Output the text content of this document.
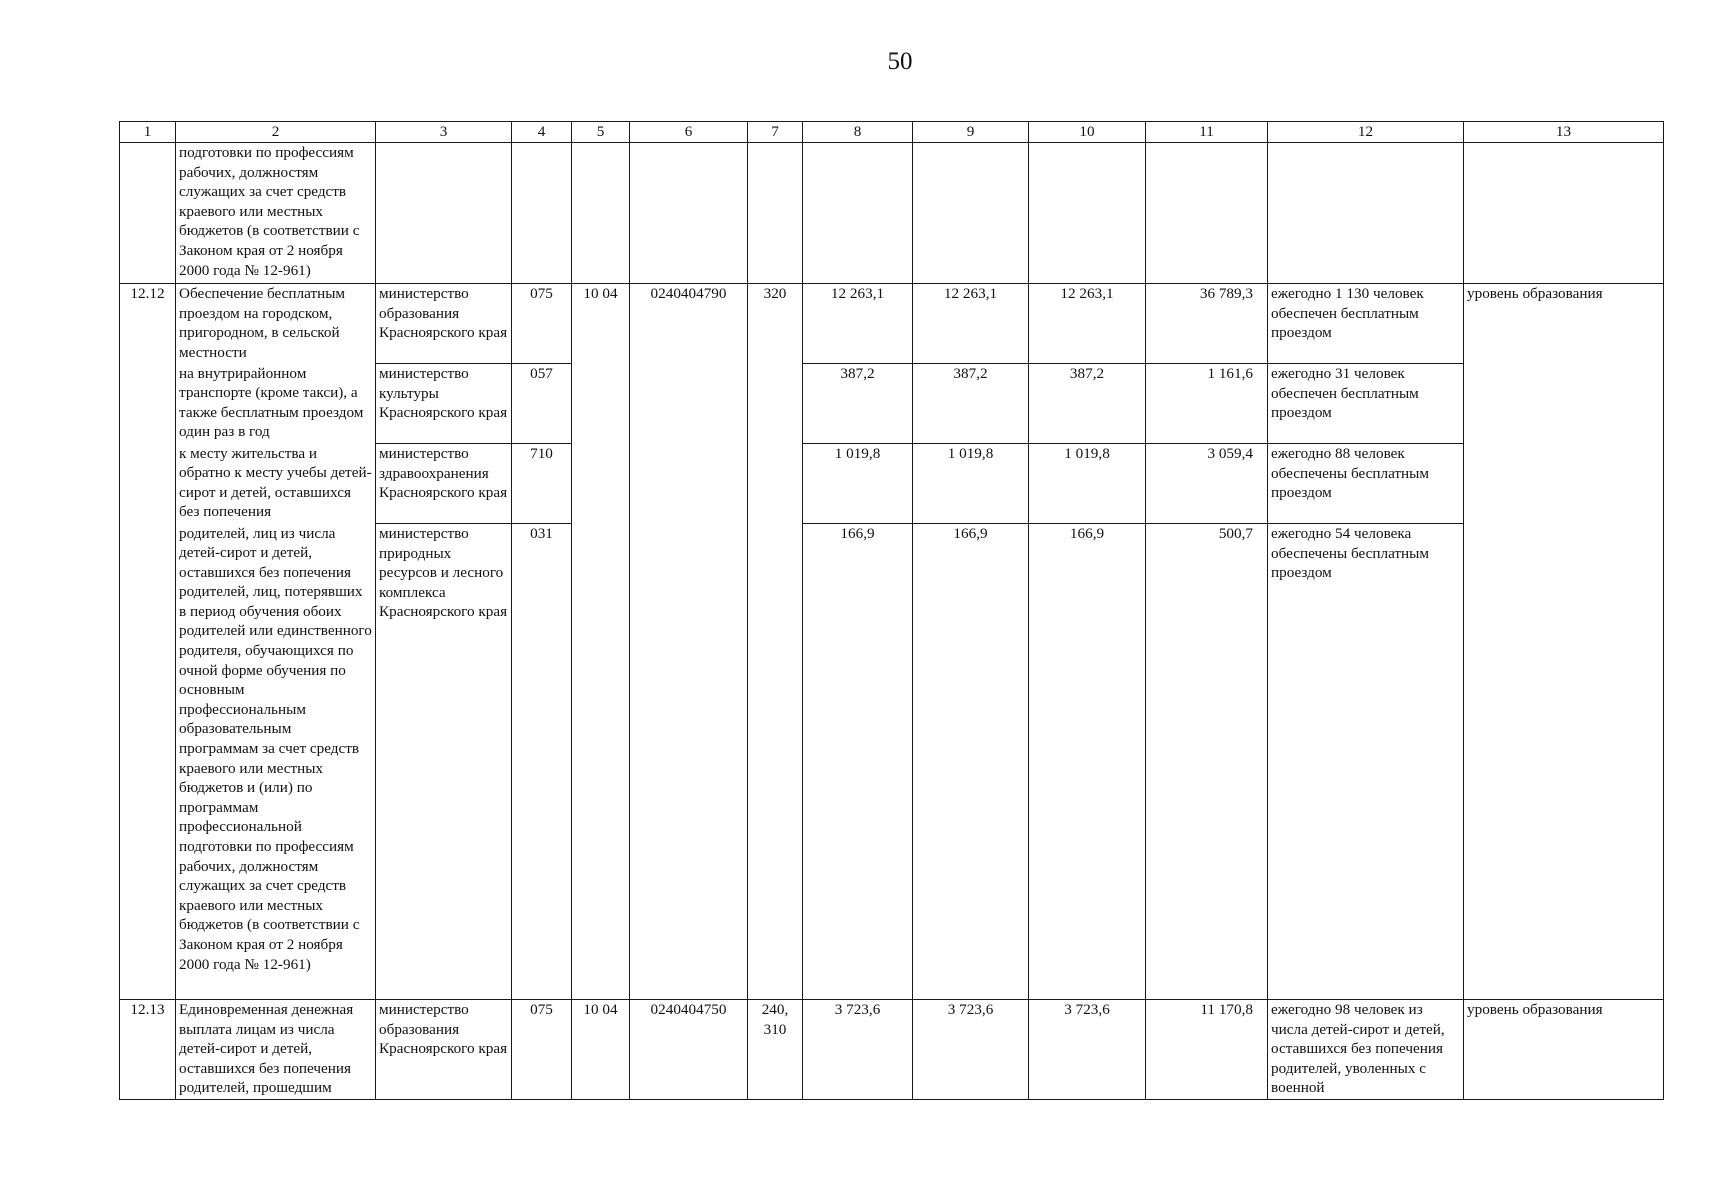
50
1	2	3	4	5	6	7	8	9	10	11	12	13
	подготовки по профессиям рабочих, должностям служащих за счет средств краевого или местных бюджетов (в соответствии с Законом края от 2 ноября 2000 года № 12-961)											
12.12	Обеспечение бесплатным проездом на городском, пригородном, в сельской местности	министерство образования Красноярского края	075	10 04	0240404790	320	12 263,1	12 263,1	12 263,1	36 789,3	ежегодно 1 130 человек обеспечен бесплатным проездом	уровень образования
	на внутрирайонном транспорте (кроме такси), а также бесплатным проездом один раз в год	министерство культуры Красноярского края	057				387,2	387,2	387,2	1 161,6	ежегодно 31 человек обеспечен бесплатным проездом	
	к месту жительства и обратно к месту учебы детей-сирот и детей, оставшихся без попечения	министерство здравоохранения Красноярского края	710				1 019,8	1 019,8	1 019,8	3 059,4	ежегодно 88 человек обеспечены бесплатным проездом	
	родителей, лиц из числа детей-сирот и детей, оставшихся без попечения родителей, лиц, потерявших в период обучения обоих родителей или единственного родителя, обучающихся по очной форме обучения по основным профессиональным образовательным программам за счет средств краевого или местных бюджетов и (или) по программам профессиональной подготовки по профессиям рабочих, должностям служащих за счет средств краевого или местных бюджетов (в соответствии с Законом края от 2 ноября 2000 года № 12-961)	министерство природных ресурсов и лесного комплекса Красноярского края	031				166,9	166,9	166,9	500,7	ежегодно 54 человека обеспечены бесплатным проездом	
12.13	Единовременная денежная выплата лицам из числа детей-сирот и детей, оставшихся без попечения родителей, прошедшим	министерство образования Красноярского края	075	10 04	0240404750	240, 310	3 723,6	3 723,6	3 723,6	11 170,8	ежегодно 98 человек из числа детей-сирот и детей, оставшихся без попечения родителей, уволенных с военной	уровень образования
